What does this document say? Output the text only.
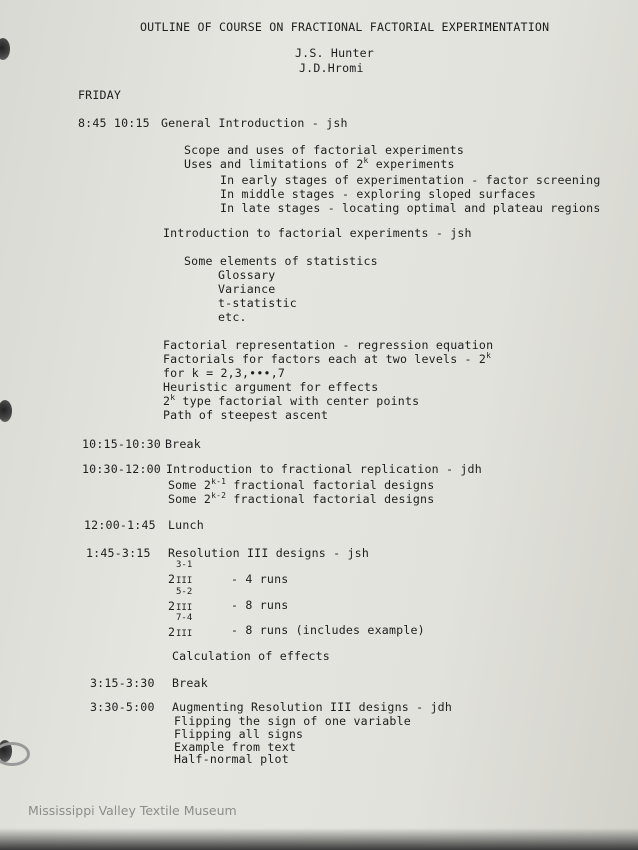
OUTLINE OF COURSE ON FRACTIONAL FACTORIAL EXPERIMENTATION
J.S. Hunter
J.D.Hromi
FRIDAY
8:45 10:15 General Introduction - jsh
Scope and uses of factorial experiments
Uses and limitations of 2$^k$ experiments
In early stages of experimentation - factor screening
In middle stages - exploring sloped surfaces
In late stages - locating optimal and plateau regions
Introduction to factorial experiments - jsh
Some elements of statistics
Glossary
Variance
t-statistic
etc.
Factorial representation - regression equation
Factorials for factors each at two levels - 2$^k$
for k = 2,3,•••,7
Heuristic argument for effects
2$^k$ type factorial with center points
Path of steepest ascent
10:15-10:30 Break
10:30-12:00 Introduction to fractional replication - jdh
Some 2$^{k-1}$ fractional factorial designs
Some 2$^{k-2}$ fractional factorial designs
12:00-1:45 Lunch
1:45-3:15 Resolution III designs - jsh
3-1
2 III	- 4 runs
5-2
2 III	- 8 runs
7-4
2 III	- 8 runs (includes example)
Calculation of effects
3:15-3:30 Break
3:30-5:00 Augmenting Resolution III designs - jdh
Flipping the sign of one variable
Flipping all signs
Example from text
Half-normal plot
Mississippi Valley Textile Museum
